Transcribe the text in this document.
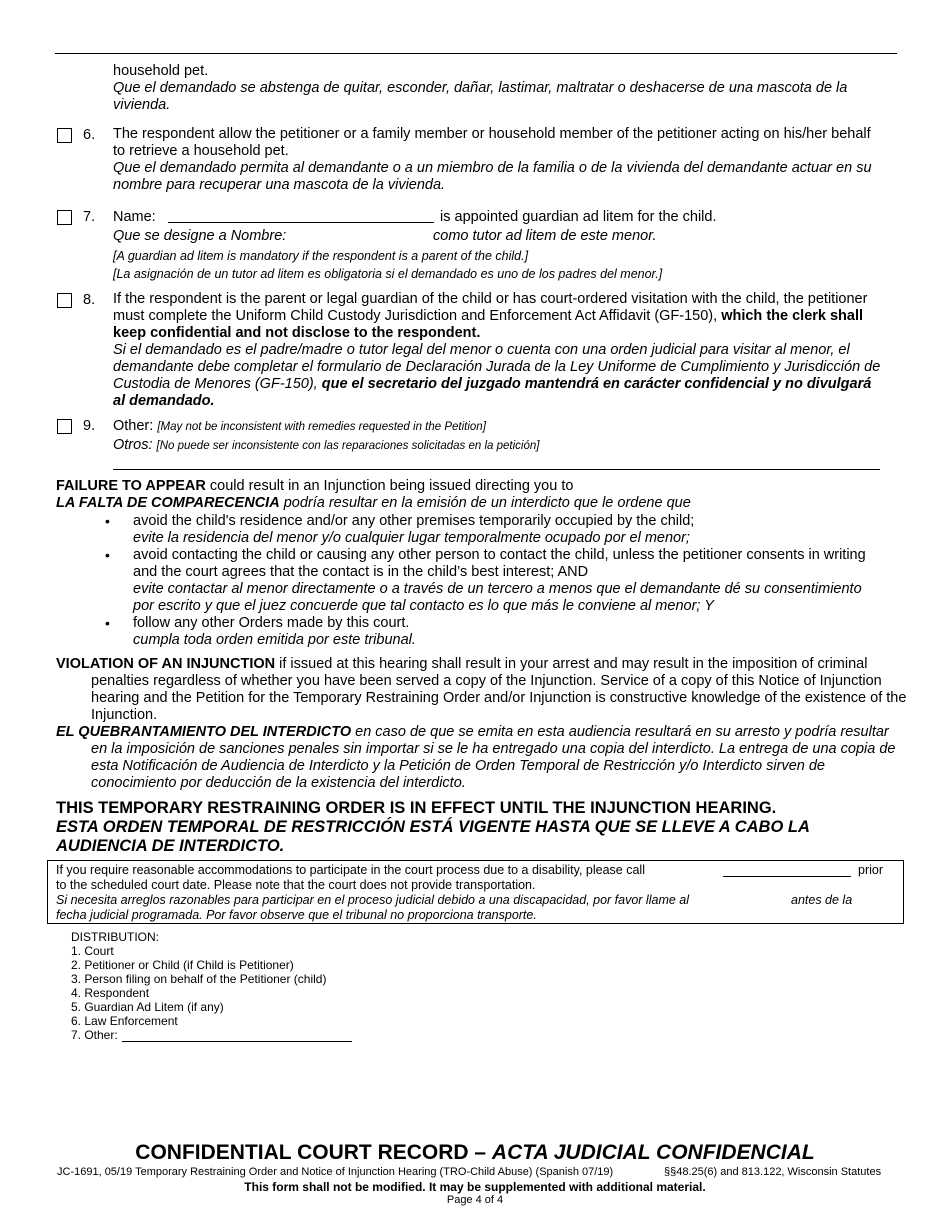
household pet.
Que el demandado se abstenga de quitar, esconder, dañar, lastimar, maltratar o deshacerse de una mascota de la vivienda.
6. The respondent allow the petitioner or a family member or household member of the petitioner acting on his/her behalf to retrieve a household pet.
Que el demandado permita al demandante o a un miembro de la familia o de la vivienda del demandante actuar en su nombre para recuperar una mascota de la vivienda.
7. Name:	is appointed guardian ad litem for the child.
Que se designe a Nombre:	como tutor ad litem de este menor.
[A guardian ad litem is mandatory if the respondent is a parent of the child.]
[La asignación de un tutor ad litem es obligatoria si el demandado es uno de los padres del menor.]
8. If the respondent is the parent or legal guardian of the child or has court-ordered visitation with the child, the petitioner must complete the Uniform Child Custody Jurisdiction and Enforcement Act Affidavit (GF-150), which the clerk shall keep confidential and not disclose to the respondent.
Si el demandado es el padre/madre o tutor legal del menor o cuenta con una orden judicial para visitar al menor, el demandante debe completar el formulario de Declaración Jurada de la Ley Uniforme de Cumplimiento y Jurisdicción de Custodia de Menores (GF-150), que el secretario del juzgado mantendrá en carácter confidencial y no divulgará al demandado.
9. Other: [May not be inconsistent with remedies requested in the Petition]
Otros: [No puede ser inconsistente con las reparaciones solicitadas en la petición]
FAILURE TO APPEAR could result in an Injunction being issued directing you to
LA FALTA DE COMPARECENCIA podría resultar en la emisión de un interdicto que le ordene que
• avoid the child's residence and/or any other premises temporarily occupied by the child;
evite la residencia del menor y/o cualquier lugar temporalmente ocupado por el menor;
• avoid contacting the child or causing any other person to contact the child, unless the petitioner consents in writing and the court agrees that the contact is in the child’s best interest; AND
evite contactar al menor directamente o a través de un tercero a menos que el demandante dé su consentimiento por escrito y que el juez concuerde que tal contacto es lo que más le conviene al menor; Y
• follow any other Orders made by this court.
cumpla toda orden emitida por este tribunal.
VIOLATION OF AN INJUNCTION if issued at this hearing shall result in your arrest and may result in the imposition of criminal penalties regardless of whether you have been served a copy of the Injunction. Service of a copy of this Notice of Injunction hearing and the Petition for the Temporary Restraining Order and/or Injunction is constructive knowledge of the existence of the Injunction.
EL QUEBRANTAMIENTO DEL INTERDICTO en caso de que se emita en esta audiencia resultará en su arresto y podría resultar en la imposición de sanciones penales sin importar si se le ha entregado una copia del interdicto. La entrega de una copia de esta Notificación de Audiencia de Interdicto y la Petición de Orden Temporal de Restricción y/o Interdicto sirven de conocimiento por deducción de la existencia del interdicto.
THIS TEMPORARY RESTRAINING ORDER IS IN EFFECT UNTIL THE INJUNCTION HEARING.
ESTA ORDEN TEMPORAL DE RESTRICCIÓN ESTÁ VIGENTE HASTA QUE SE LLEVE A CABO LA AUDIENCIA DE INTERDICTO.
If you require reasonable accommodations to participate in the court process due to a disability, please call	prior
to the scheduled court date. Please note that the court does not provide transportation.
Si necesita arreglos razonables para participar en el proceso judicial debido a una discapacidad, por favor llame al	antes de la
fecha judicial programada. Por favor observe que el tribunal no proporciona transporte.
DISTRIBUTION:
1. Court
2. Petitioner or Child (if Child is Petitioner)
3. Person filing on behalf of the Petitioner (child)
4. Respondent
5. Guardian Ad Litem (if any)
6. Law Enforcement
7. Other:
CONFIDENTIAL COURT RECORD – ACTA JUDICIAL CONFIDENCIAL
JC-1691, 05/19 Temporary Restraining Order and Notice of Injunction Hearing (TRO-Child Abuse) (Spanish 07/19)	§§48.25(6) and 813.122, Wisconsin Statutes
This form shall not be modified. It may be supplemented with additional material.
Page 4 of 4
